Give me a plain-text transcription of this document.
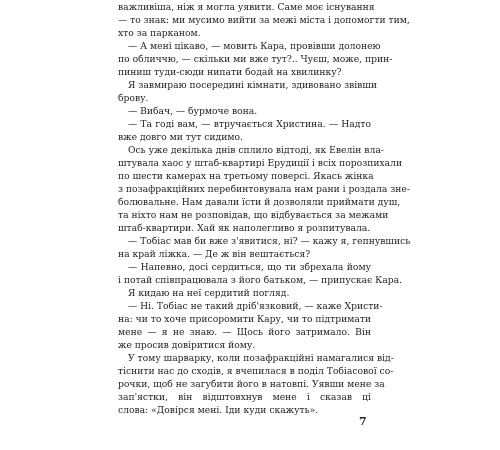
важливіша, ніж я могла уявити. Саме моє існування
— то знак: ми мусимо вийти за межі міста і допомогти тим,
хто за парканом.
— А мені цікаво, — мовить Кара, провівши долонею
по обличчю, — скільки ми вже тут?.. Чуєш, може, прин-
пиниш туди-сюди нипати бодай на хвилинку?
Я завмираю посередині кімнати, здивовано звівши
брову.
— Вибач, — бурмоче вона.
— Та годі вам, — втручається Христина. — Надто
вже довго ми тут сидимо.
Ось уже декілька днів сплило відтоді, як Евелін вла-
штувала хаос у штаб-квартирі Ерудиції і всіх порозпихали
по шести камерах на третьому поверсі. Якась жінка
з позафракційних перебинтовувала нам рани і роздала зне-
болювальне. Нам давали їсти й дозволяли приймати душ,
та ніхто нам не розповідав, що відбувається за межами
штаб-квартири. Хай як наполегливо я розпитувала.
— Тобіас мав би вже з'явитися, ні? — кажу я, гепнувшись
на край ліжка. — Де ж він вештається?
— Напевно, досі сердиться, що ти збрехала йому
і потай співпрацювала з його батьком, — припускає Кара.
Я кидаю на неї сердитий погляд.
— Ні. Тобіас не такий дріб'язковий, — каже Христи-
на: чи то хоче присоромити Кару, чи то підтримати
мене — я не знаю. — Щось його затримало. Він
же просив довіритися йому.
У тому шарварку, коли позафракційні намагалися від-
тіснити нас до сходів, я вчепилася в поділ Тобіасової со-
рочки, щоб не загубити його в натовпі. Уявши мене за
зап'ястки, він відштовхнув мене і сказав ці
слова: «Довірся мені. Іди куди скажуть».
7
